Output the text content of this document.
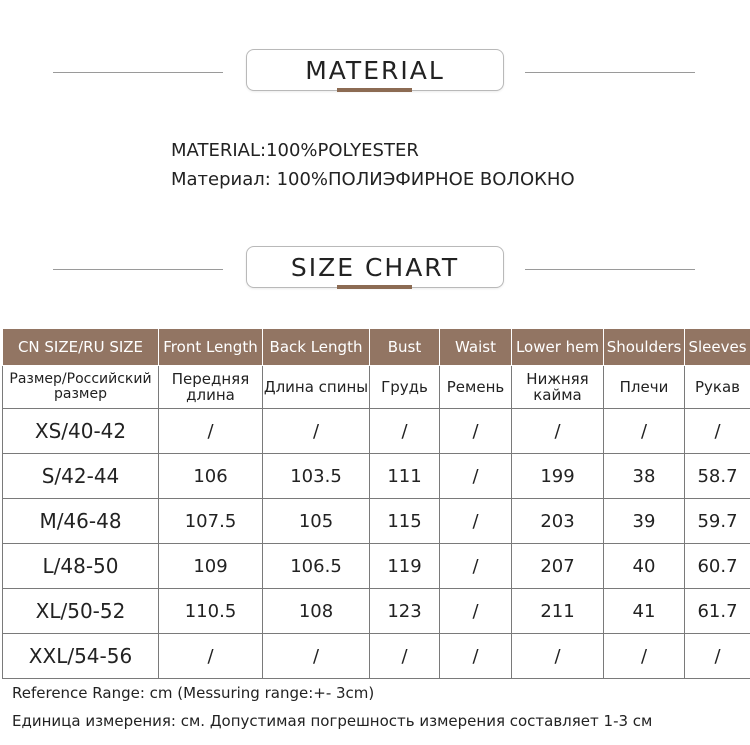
MATERIAL
MATERIAL:100%POLYESTER
Материал: 100%ПОЛИЭФИРНОЕ ВОЛОКНО
SIZE CHART
CN SIZE/RU SIZE	Front Length	Back Length	Bust	Waist	Lower hem	Shoulders	Sleeves
Размер/Российский размер	Передняя длина	Длина спины	Грудь	Ремень	Нижняя кайма	Плечи	Рукав
XS/40-42	/	/	/	/	/	/	/
S/42-44	106	103.5	111	/	199	38	58.7
M/46-48	107.5	105	115	/	203	39	59.7
L/48-50	109	106.5	119	/	207	40	60.7
XL/50-52	110.5	108	123	/	211	41	61.7
XXL/54-56	/	/	/	/	/	/	/
Reference Range: cm (Messuring range:+- 3cm)
Единица измерения: см. Допустимая погрешность измерения составляет 1-3 см
